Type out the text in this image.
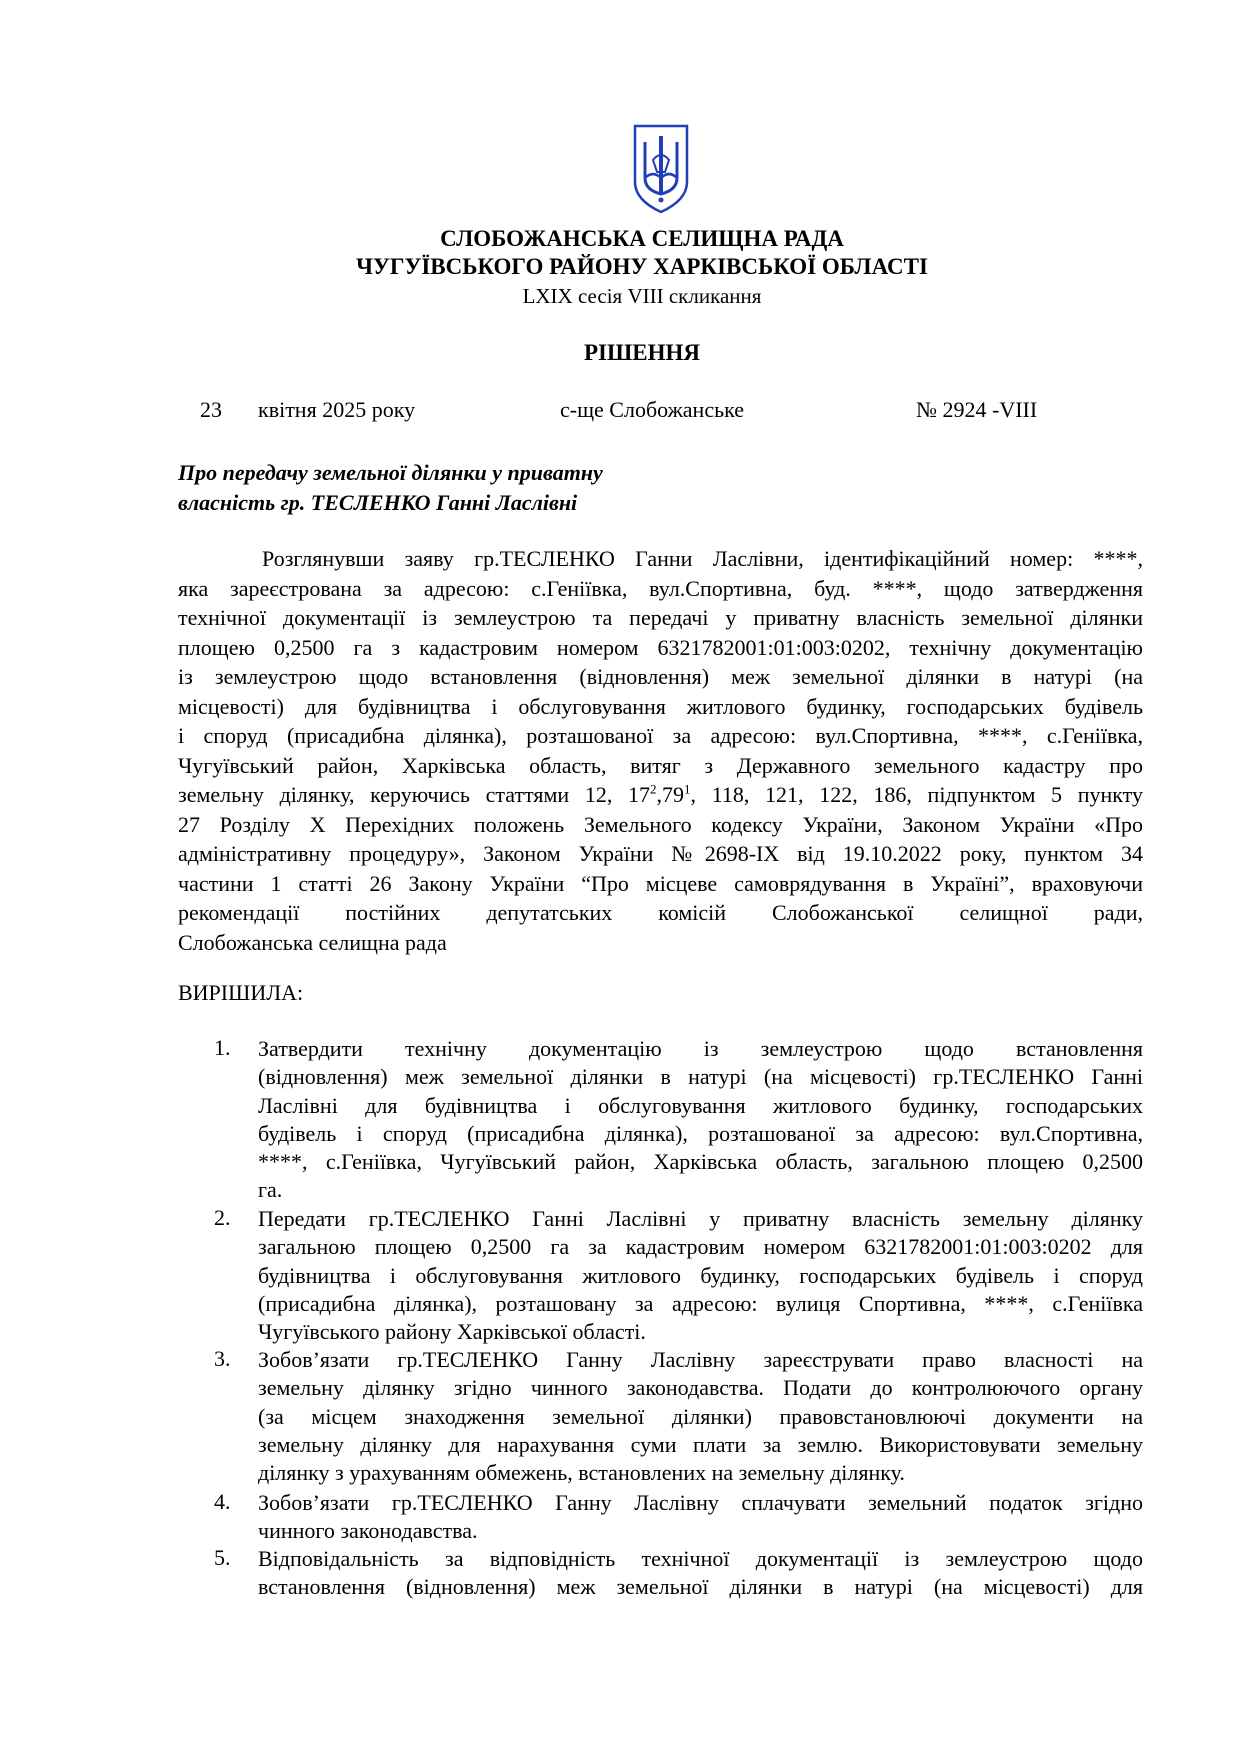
СЛОБОЖАНСЬКА СЕЛИЩНА РАДА
ЧУГУЇВСЬКОГО РАЙОНУ ХАРКІВСЬКОЇ ОБЛАСТІ
LXIX сесія VIII скликання
РІШЕННЯ
23 квітня 2025 року	с-ще Слобожанське	№ 2924 -VIII
Про передачу земельної ділянки у приватну
власність гр. ТЕСЛЕНКО Ганні Ласлівні
Розглянувши заяву гр.ТЕСЛЕНКО Ганни Ласлівни, ідентифікаційний номер: ****,
яка зареєстрована за адресою: с.Геніївка, вул.Спортивна, буд. ****, щодо затвердження
технічної документації із землеустрою та передачі у приватну власність земельної ділянки
площею 0,2500 га з кадастровим номером 6321782001:01:003:0202, технічну документацію
із землеустрою щодо встановлення (відновлення) меж земельної ділянки в натурі (на
місцевості) для будівництва і обслуговування житлового будинку, господарських будівель
і споруд (присадибна ділянка), розташованої за адресою: вул.Спортивна, ****, с.Геніївка,
Чугуївський район, Харківська область, витяг з Державного земельного кадастру про
земельну ділянку, керуючись статтями 12, $17^2,79^1$, 118, 121, 122, 186, підпунктом 5 пункту
27 Розділу X Перехідних положень Земельного кодексу України, Законом України «Про
адміністративну процедуру», Законом України №2698-IX від 19.10.2022 року, пунктом 34
частини 1 статті 26 Закону України “Про місцеве самоврядування в Україні”, враховуючи
рекомендації постійних депутатських комісій Слобожанської селищної ради,
Слобожанська селищна рада
ВИРІШИЛА:
1. Затвердити технічну документацію із землеустрою щодо встановлення
(відновлення) меж земельної ділянки в натурі (на місцевості) гр.ТЕСЛЕНКО Ганні
Ласлівні для будівництва і обслуговування житлового будинку, господарських
будівель і споруд (присадибна ділянка), розташованої за адресою: вул.Спортивна,
****, с.Геніївка, Чугуївський район, Харківська область, загальною площею 0,2500
га.
2. Передати гр.ТЕСЛЕНКО Ганні Ласлівні у приватну власність земельну ділянку
загальною площею 0,2500 га за кадастровим номером 6321782001:01:003:0202 для
будівництва і обслуговування житлового будинку, господарських будівель і споруд
(присадибна ділянка), розташовану за адресою: вулиця Спортивна, ****, с.Геніївка
Чугуївського району Харківської області.
3. Зобов’язати гр.ТЕСЛЕНКО Ганну Ласлівну зареєструвати право власності на
земельну ділянку згідно чинного законодавства. Подати до контролюючого органу
(за місцем знаходження земельної ділянки) правовстановлюючі документи на
земельну ділянку для нарахування суми плати за землю. Використовувати земельну
ділянку з урахуванням обмежень, встановлених на земельну ділянку.
4. Зобов’язати гр.ТЕСЛЕНКО Ганну Ласлівну сплачувати земельний податок згідно
чинного законодавства.
5. Відповідальність за відповідність технічної документації із землеустрою щодо
встановлення (відновлення) меж земельної ділянки в натурі (на місцевості) для
